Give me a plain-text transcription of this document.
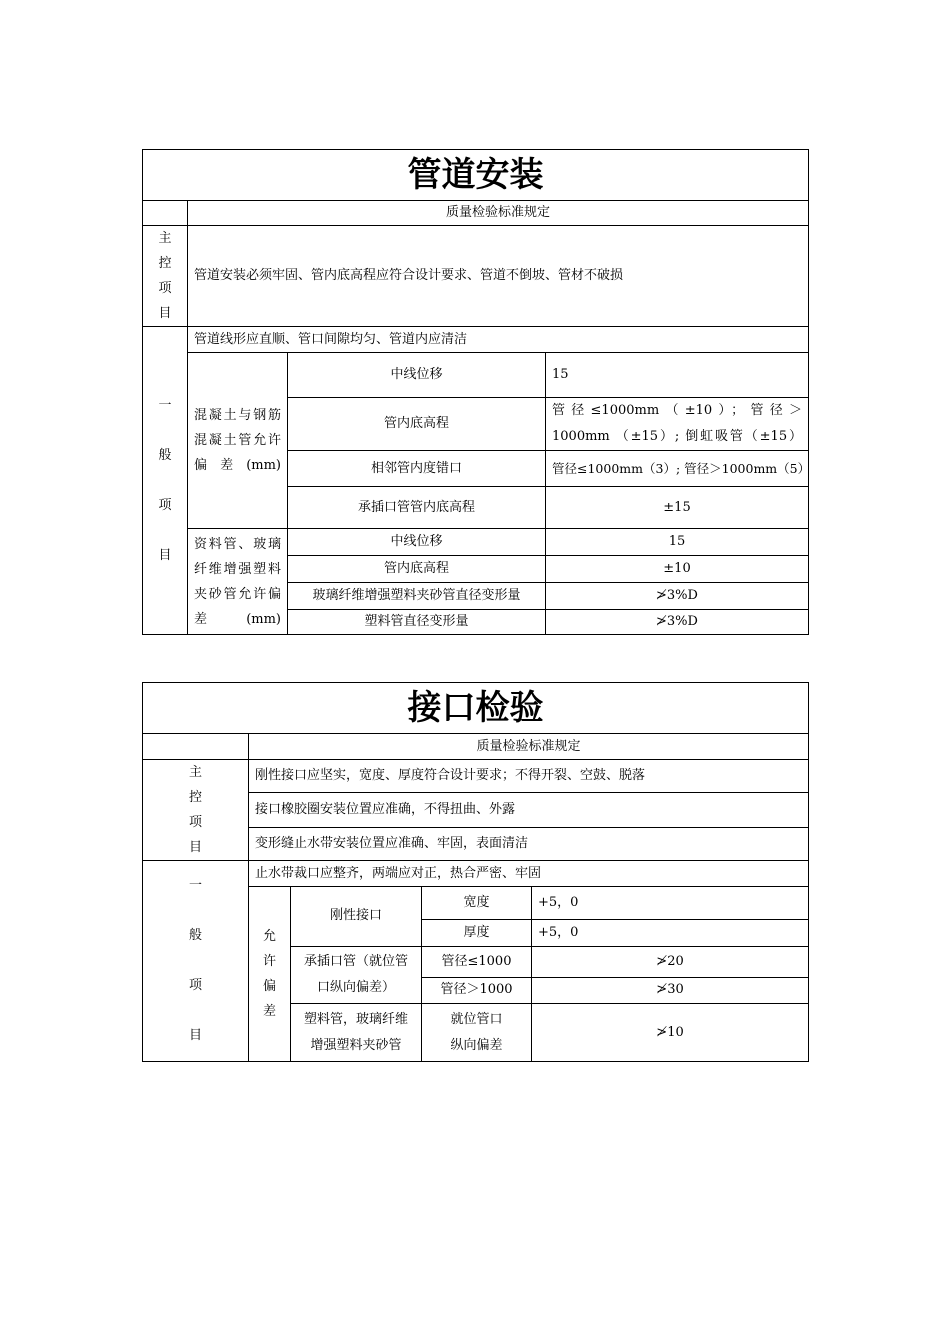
管道安装			
	质量检验标准规定		

主
控
项
目	管道安装必须牢固、管内底高程应符合设计要求、管道不倒坡、管材不破损		

一
般
项
目	管道线形应直顺、管口间隙均匀、管道内应清洁		
	混凝土与钢筋混凝土管允许偏差(mm)	中线位移	15
		管内底高程	管径≤1000mm（±10）；管径＞1000mm （±15）; 倒虹吸管（±15）
		相邻管内度错口	管径≤1000mm（3）; 管径＞1000mm（5）
		承插口管管内底高程	±15
	资料管、玻璃纤维增强塑料夹砂管允许偏差(mm)	中线位移	15
		管内底高程	±10
		玻璃纤维增强塑料夹砂管直径变形量	≯3%D
		塑料管直径变形量	≯3%D
接口检验				
	质量检验标准规定			

主
控
项
目	刚性接口应坚实，宽度、厚度符合设计要求；不得开裂、空鼓、脱落			
	接口橡胶圈安装位置应准确，不得扭曲、外露			
	变形缝止水带安装位置应准确、牢固，表面清洁			

一
般
项
目	止水带裁口应整齐，两端应对正，热合严密、牢固			

	允
许
偏
差	刚性接口	宽度	+5，0
			厚度	+5，0

		承插口管（就位管
口纵向偏差）	管径≤1000	≯20
			管径＞1000	≯30

		塑料管，玻璃纤维
增强塑料夹砂管	就位管口
纵向偏差	≯10
